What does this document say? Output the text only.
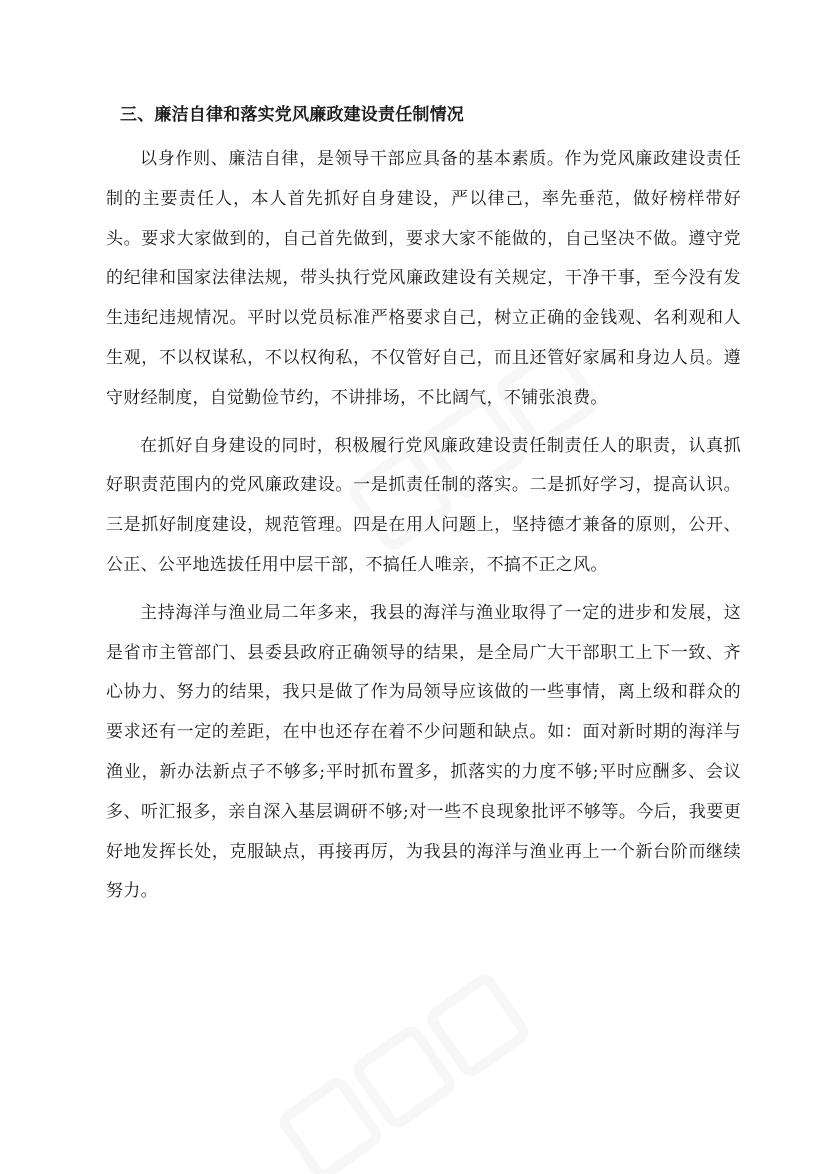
三、廉洁自律和落实党风廉政建设责任制情况

以身作则、廉洁自律，是领导干部应具备的基本素质。作为党风廉政建设责任制的主要责任人，本人首先抓好自身建设，严以律己，率先垂范，做好榜样带好头。要求大家做到的，自己首先做到，要求大家不能做的，自己坚决不做。遵守党的纪律和国家法律法规，带头执行党风廉政建设有关规定，干净干事，至今没有发生违纪违规情况。平时以党员标准严格要求自己，树立正确的金钱观、名利观和人生观，不以权谋私，不以权徇私，不仅管好自己，而且还管好家属和身边人员。遵守财经制度，自觉勤俭节约，不讲排场，不比阔气，不铺张浪费。

在抓好自身建设的同时，积极履行党风廉政建设责任制责任人的职责，认真抓好职责范围内的党风廉政建设。一是抓责任制的落实。二是抓好学习，提高认识。三是抓好制度建设，规范管理。四是在用人问题上，坚持德才兼备的原则，公开、公正、公平地选拔任用中层干部，不搞任人唯亲，不搞不正之风。

主持海洋与渔业局二年多来，我县的海洋与渔业取得了一定的进步和发展，这是省市主管部门、县委县政府正确领导的结果，是全局广大干部职工上下一致、齐心协力、努力的结果，我只是做了作为局领导应该做的一些事情，离上级和群众的要求还有一定的差距，在中也还存在着不少问题和缺点。如：面对新时期的海洋与渔业，新办法新点子不够多;平时抓布置多，抓落实的力度不够;平时应酬多、会议多、听汇报多，亲自深入基层调研不够;对一些不良现象批评不够等。今后，我要更好地发挥长处，克服缺点，再接再厉，为我县的海洋与渔业再上一个新台阶而继续努力。
